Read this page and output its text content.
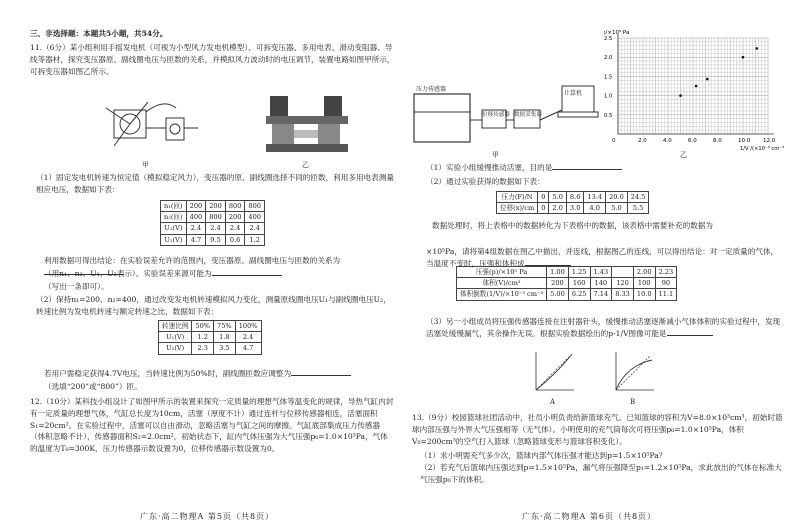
三、非选择题：本题共5小题，共54分。
11.（6分）某小组利用手摇发电机（可视为小型风力发电机模型）、可拆变压器、多用电表、滑动变阻器、导线等器材，探究变压器原、副线圈电压与匝数的关系，并模拟风力波动时的电压调节，装置电路如图甲所示，可拆变压器如图乙所示。
甲	乙
（1）固定发电机转速为恒定值（模拟稳定风力），变压器的原、副线圈选择不同的匝数，利用多用电表测量相应电压，数据如下表：
n₁(匝)	200	200	800	800
n₂(匝)	400	800	200	400
U₁(V)	2.4	2.4	2.4	2.4
U₂(V)	4.7	9.5	0.6	1.2
利用数据可得出结论：在实验误差允许的范围内，变压器原、副线圈电压与匝数的关系为
（用n₁、n₂、U₁、U₂表示）。实验误差来源可能为
（写出一条即可）。
（2）保持n₁=200、n₂=400，通过改变发电机转速模拟风力变化，测量原线圈电压U₁与副线圈电压U₂，转速比例为发电机转速与额定转速之比，数据如下表：
转速比例	50%	75%	100%
U₁(V)	1.2	1.8	2.4
U₂(V)	2.3	3.5	4.7
若用户需稳定获得4.7V电压，当转速比例为50%时，副线圈匝数应调整为
（选填“200”或“800”）匝。
12.（10分）某科技小组设计了如图甲所示的装置来探究一定质量的理想气体等温变化的规律，导热气缸内封有一定质量的理想气体，气缸总长度为10cm，活塞（厚度不计）通过连杆与位移传感器相连，活塞面积S₁=20cm²。在实验过程中，活塞可以自由滑动，忽略活塞与气缸之间的摩擦。气缸底部集成压力传感器（体积忽略不计），传感器面积S₂=2.0cm²。初始状态下，缸内气体压强为大气压强p₀=1.0×10⁵Pa，气体的温度为T₀=300K，压力传感器示数设置为0，位移传感器示数设置为0。
广东·高二物理A 第5页（共8页）
压力传感器
位移传感器 数据采集器
计算机
甲
2.0	4.0	6.0	8.0	10.0 12.0
0
0.5
1.0
1.5
2.0
2.5
p/×10⁵ Pa
1/V /(×10⁻³ cm⁻³)
乙
（1）实验小组缓慢推动活塞，目的是
（2）通过实验获得的数据如下表：
压力(F)/N	0	5.0	8.6	13.4	20.0	24.5
位移(x)/cm	0	2.0	3.0	4.0	5.0	5.5
数据处理时，将上表格中的数据转化为下表格中的数据，该表格中需要补充的数据为
×10⁵Pa，请将第4组数据在图乙中描出，并连线，根据图乙的连线，可以得出结论：对一定质量的气体，当温度不变时，压强和体积成
压强(p)/×10⁵ Pa	1.00	1.25	1.43		2.00	2.23
体积(V)/cm³	200	160	140	120	100	90
体积倒数(1/V)/×10⁻³ cm⁻³	5.00	6.25	7.14	8.33	10.0	11.1
（3）另一小组成员将压强传感器连接在注射器针头，缓慢推动活塞逐渐减小气体体积的实验过程中，发现活塞处缓慢漏气，其余操作无误。根据实验数据绘出的p-1/V图像可能是
A	B
13.（9分）校园篮球社团活动中，社员小明负责给新篮球充气。已知篮球的容积为V=8.0×10³cm³，初始时篮球内部压强与外界大气压强相等（无气体）。小明使用的充气筒每次可将压强p₀=1.0×10⁵Pa，体积V₀=200cm³的空气打入篮球（忽略篮球变形与篮球容积变化）。
（1）求小明需充气多少次，篮球内部气体压强才能达到p=1.5×10⁵Pa？
（2）若充气后篮球内压强达到p=1.5×10⁵Pa，漏气将压强降至p₁=1.2×10⁵Pa，求此放出的气体在标准大气压强p₀下的体积。
广东·高二物理A 第6页（共8页）
